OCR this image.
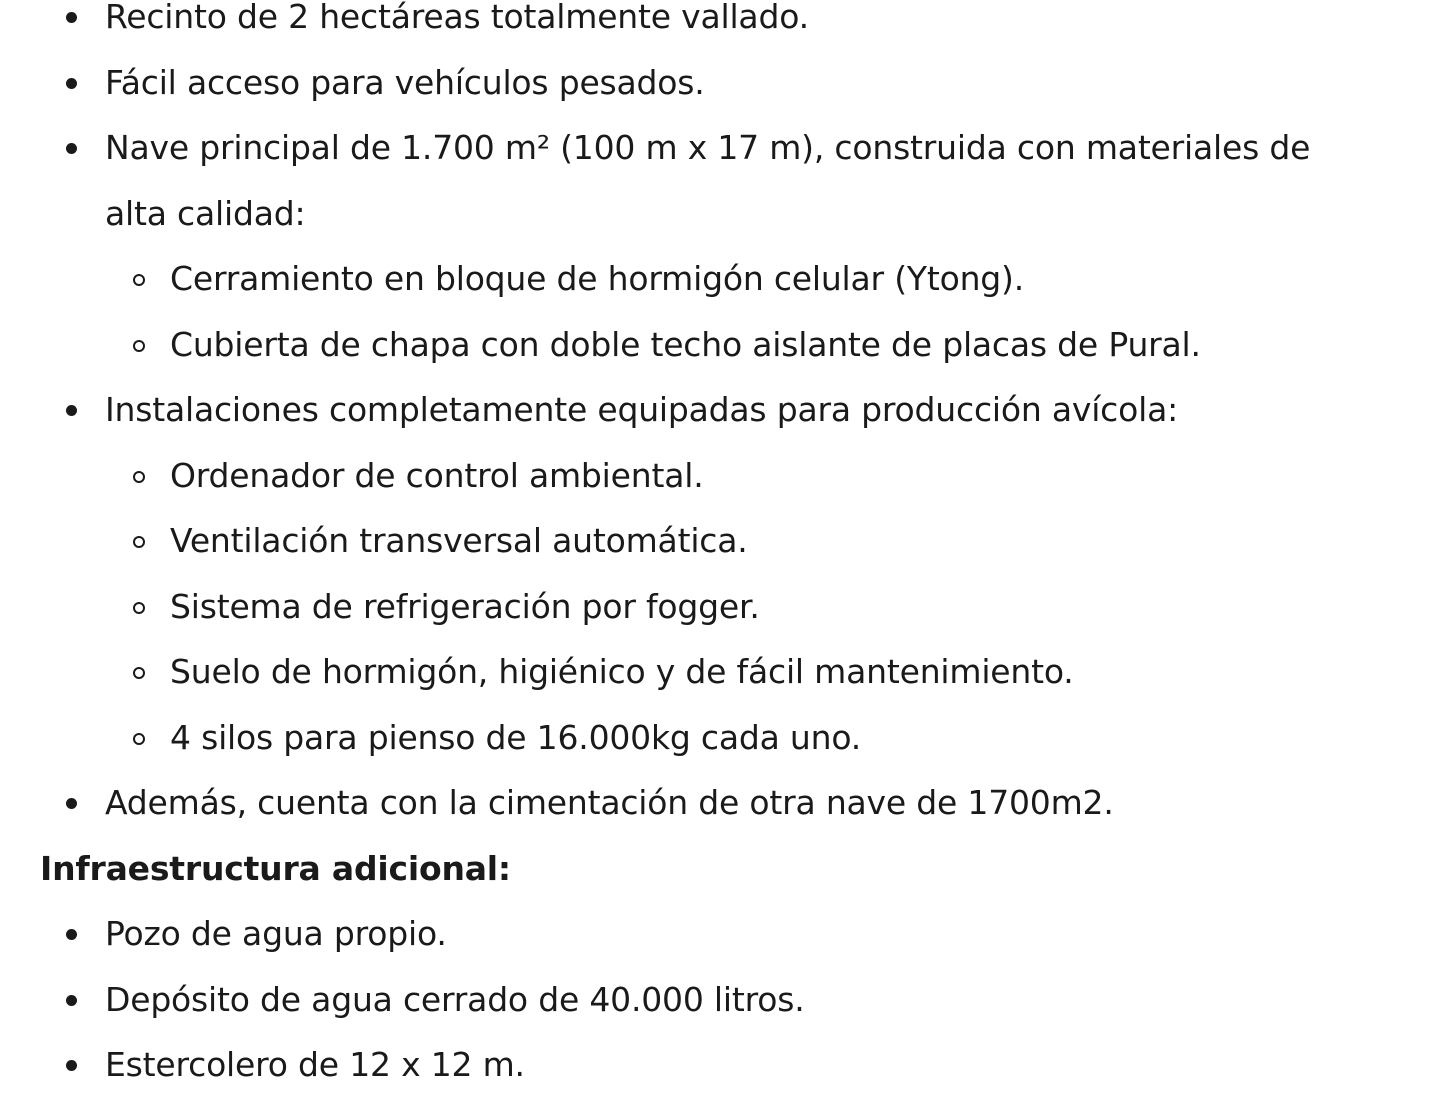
Recinto de 2 hectáreas totalmente vallado.
Fácil acceso para vehículos pesados.
Nave principal de 1.700 m² (100 m x 17 m), construida con materiales de
alta calidad:
Cerramiento en bloque de hormigón celular (Ytong).
Cubierta de chapa con doble techo aislante de placas de Pural.
Instalaciones completamente equipadas para producción avícola:
Ordenador de control ambiental.
Ventilación transversal automática.
Sistema de refrigeración por fogger.
Suelo de hormigón, higiénico y de fácil mantenimiento.
4 silos para pienso de 16.000kg cada uno.
Además, cuenta con la cimentación de otra nave de 1700m2.
Infraestructura adicional:
Pozo de agua propio.
Depósito de agua cerrado de 40.000 litros.
Estercolero de 12 x 12 m.
